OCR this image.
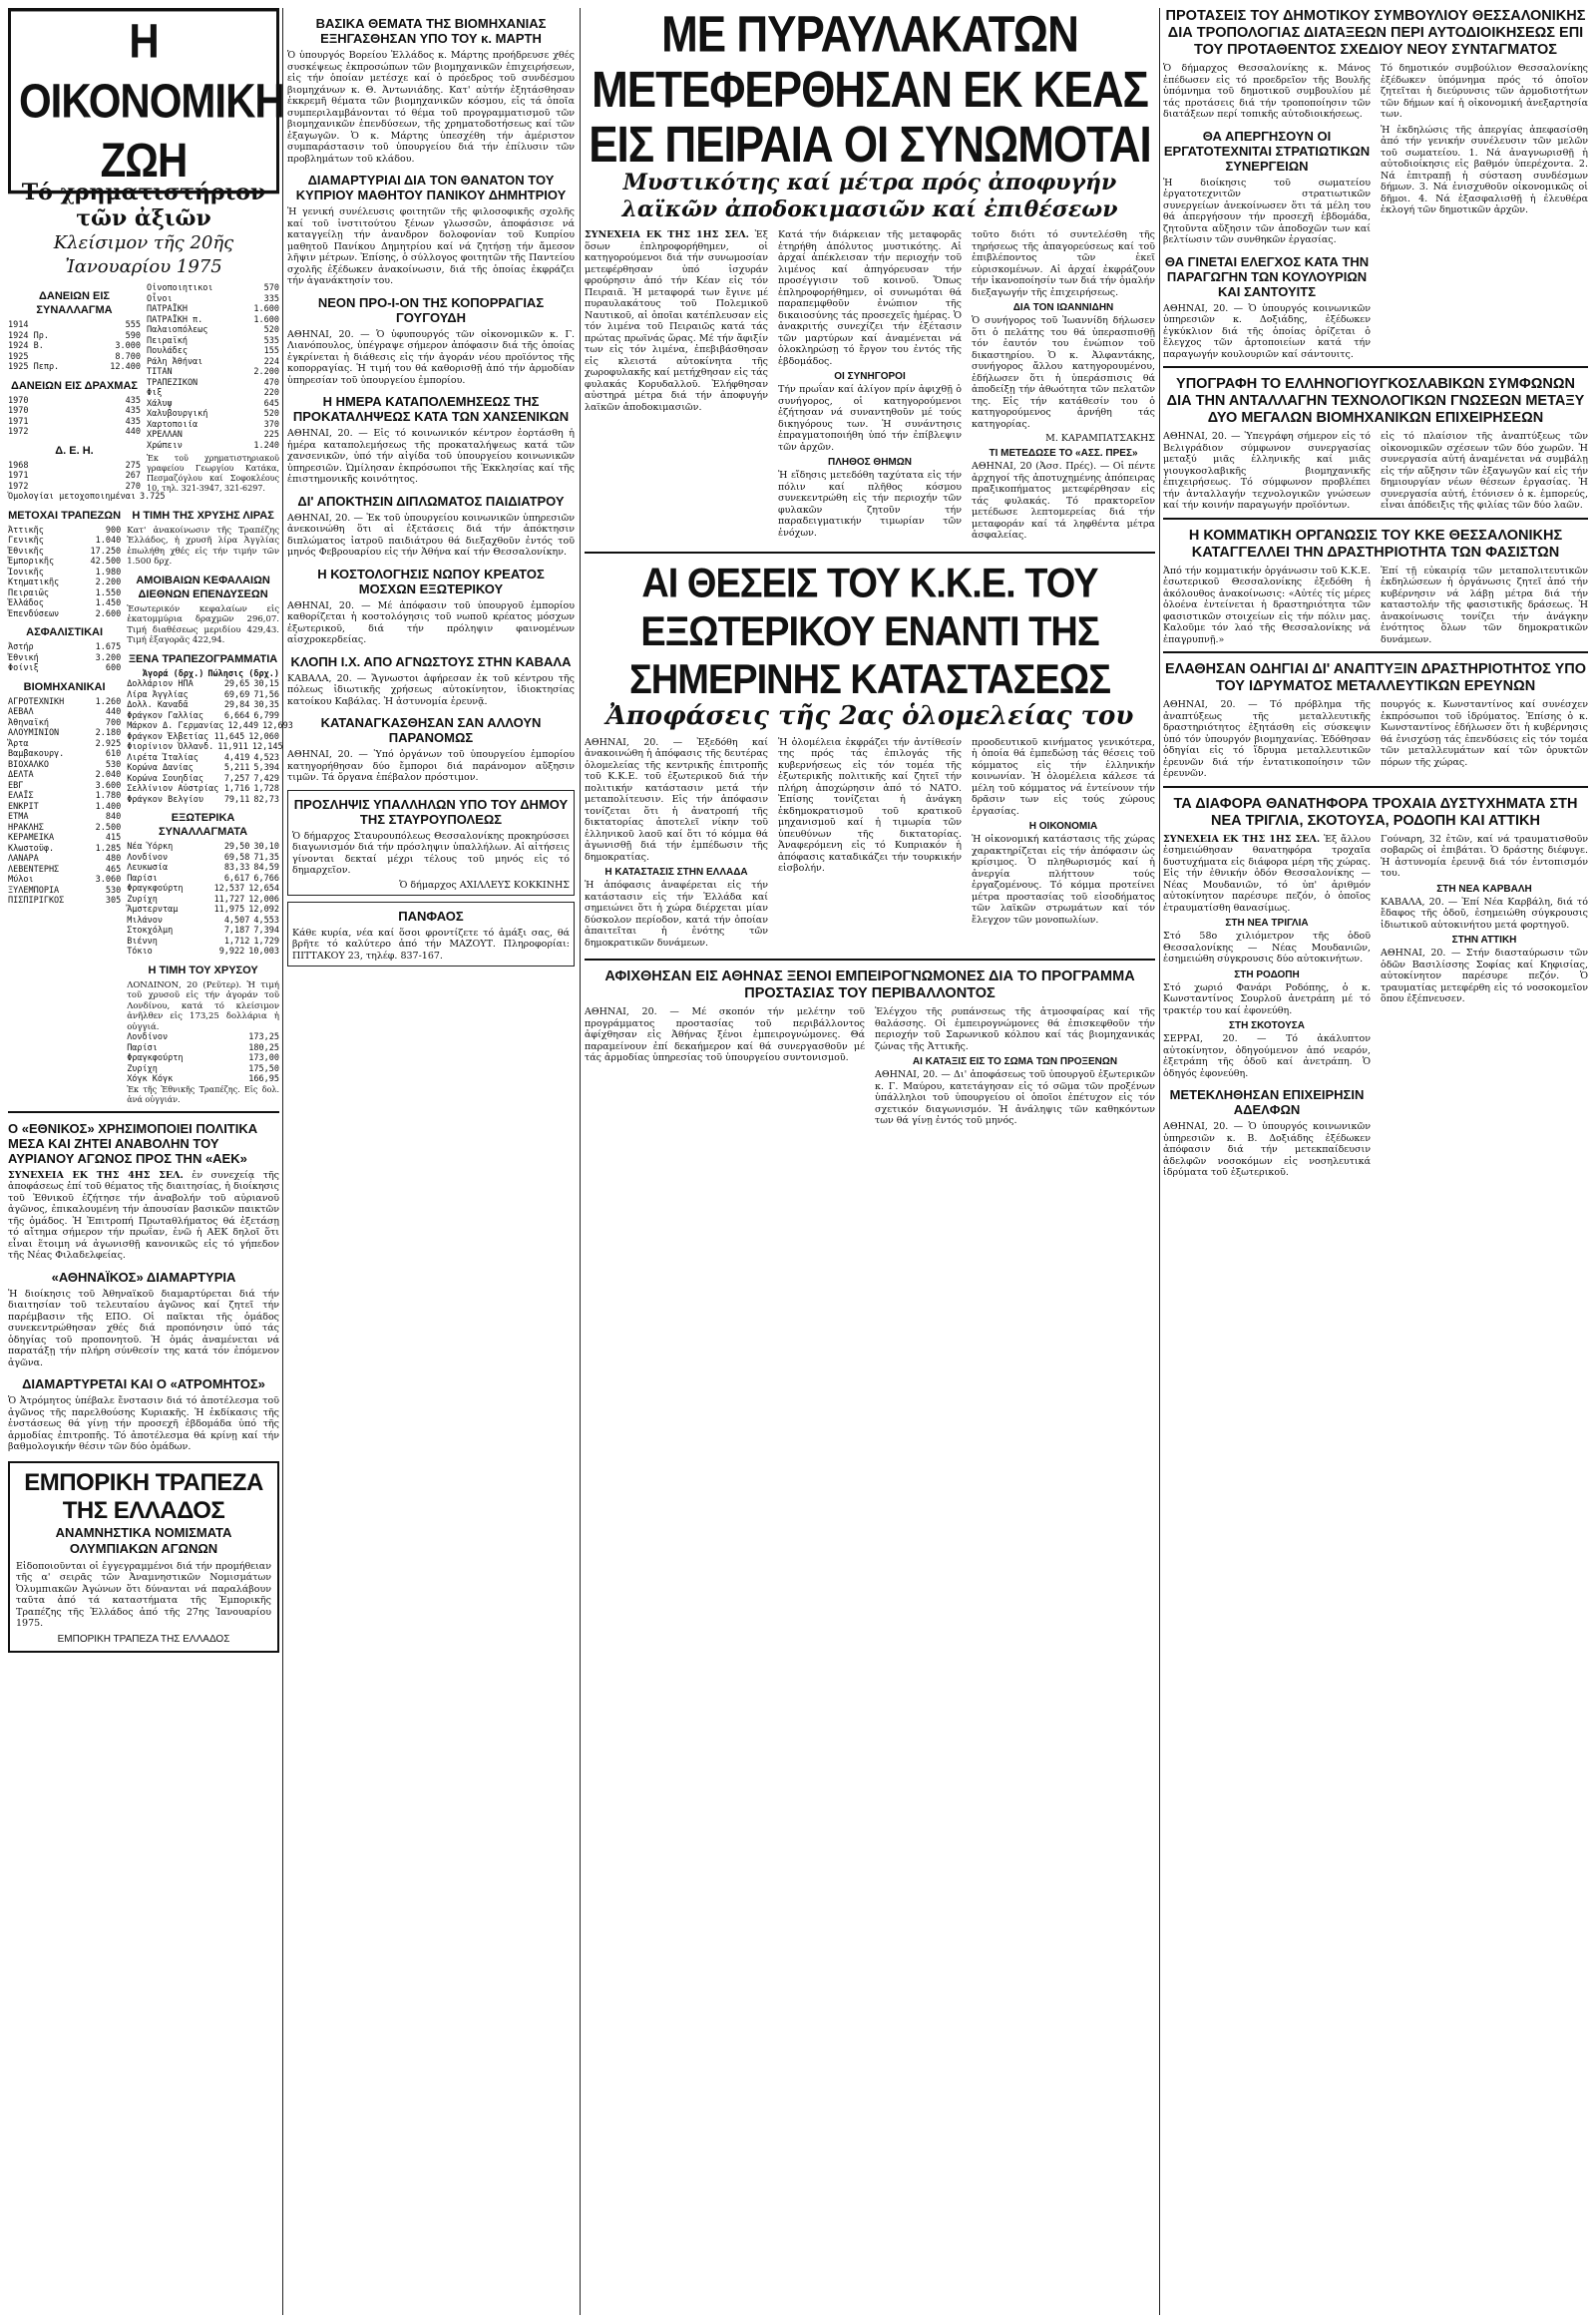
Η ΟΙΚΟΝΟΜΙΚΗ ΖΩΗ
Τό χρηματιστήριον τῶν ἀξιῶν
Κλείσιμον τῆς 20ῆς Ἰανουαρίου 1975
ΔΑΝΕΙΩΝ ΕΙΣ ΣΥΝΑΛΛΑΓΜΑ
1914	555
1924 Πρ.	590
1924 Β.	3.000
1925	8.700
1925 Πεπρ.	12.400
ΔΑΝΕΙΩΝ ΕΙΣ ΔΡΑΧΜΑΣ
1970	435
1970	435
1971	435
1972	440
Δ. Ε. Η.
1968	275
1971	267
1972	270
Ὁμολογίαι μετοχοποιημέναι 3.725
Οἰνοποιητικοι	570
Οἶνοι	335
ΠΑΤΡΑΪΚΗ	1.600
ΠΑΤΡΑΪΚΗ π.	1.600
Παλαιοπόλεως	520
Πειραϊκή	535
Πουλάδες	155
Ράλη Ἀθήναι	224
ΤΙΤΑΝ	2.200
ΤΡΑΠΕΖΙΚΟΝ	470
Φιξ	220
Χάλυψ	645
Χαλυβουργική	520
Χαρτοποιία	370
ΧΡΕΛΛΑΝ	225
Χρώπειν	1.240
Ἐκ τοῦ χρηματιστηριακοῦ γραφείου Γεωργίου Κατάκα, Πεσμαζόγλου καί Σοφοκλέους 10, τηλ. 321-3947, 321-6297.
ΜΕΤΟΧΑΙ ΤΡΑΠΕΖΩΝ
Ἀττικῆς	900
Γενικῆς	1.040
Ἐθνικῆς	17.250
Ἐμπορικῆς	42.500
Ἰονικῆς	1.980
Κτηματικῆς	2.200
Πειραιῶς	1.550
Ἑλλάδος	1.450
Ἐπενδύσεων	2.600
ΑΣΦΑΛΙΣΤΙΚΑΙ
Ἀστήρ	1.675
Ἐθνική	3.200
Φοίνιξ	600
ΒΙΟΜΗΧΑΝΙΚΑΙ
ΑΓΡΟΤΕΧΝΙΚΗ	1.260
ΑΕΒΑΛ	440
Ἀθηναϊκή	700
ΑΛΟΥΜΙΝΙΟΝ	2.180
Ἄρτα	2.925
Βαμβακουργ.	610
ΒΙΟΧΑΛΚΟ	530
ΔΕΛΤΑ	2.040
ΕΒΓ	3.600
ΕΛΑΪΣ	1.780
ΕΝΚΡΙΤ	1.400
ΕΤΜΑ	840
ΗΡΑΚΛΗΣ	2.500
ΚΕΡΑΜΕΙΚΑ	415
Κλωστοϋφ.	1.285
ΛΑΝΑΡΑ	480
ΛΕΒΕΝΤΕΡΗΣ	465
Μύλοι	3.060
ΞΥΛΕΜΠΟΡΙΑ	530
ΠΙΣΠΙΡΙΓΚΟΣ	305
Η ΤΙΜΗ ΤΗΣ ΧΡΥΣΗΣ ΛΙΡΑΣ
Κατ' ἀνακοίνωσιν τῆς Τραπέζης Ἑλλάδος, ἡ χρυσῆ λίρα Ἀγγλίας ἐπωλήθη χθές εἰς τήν τιμήν τῶν 1.500 δρχ.
ΑΜΟΙΒΑΙΩΝ ΚΕΦΑΛΑΙΩΝ ΔΙΕΘΝΩΝ ΕΠΕΝΔΥΣΕΩΝ
Ἐσωτερικόν κεφαλαίων εἰς ἐκατομμύρια δραχμῶν 296,07. Τιμή διαθέσεως μεριδίου 429,43. Τιμή ἐξαγορᾶς 422,94.
ΞΕΝΑ ΤΡΑΠΕΖΟΓΡΑΜΜΑΤΙΑ
Ἀγορά (δρχ.) Πώλησις (δρχ.)
Δολλάριον ΗΠΑ	29,65 30,15
Λίρα Ἀγγλίας	69,69 71,56
Δολλ. Καναδᾶ	29,84 30,35
Φράγκον Γαλλίας	6,664 6,799
Μάρκον Δ. Γερμανίας 12,449 12,693
Φράγκον Ἐλβετίας 11,645 12,060
Φιορίνιον Ὁλλανδ. 11,911 12,145
Λιρέτα Ἰταλίας	4,419 4,523
Κορώνα Δανίας	5,211 5,394
Κορώνα Σουηδίας	7,257 7,429
Σελλίνιον Αὐστρίας 1,716 1,728
Φράγκον Βελγίου	79,11 82,73
ΕΞΩΤΕΡΙΚΑ ΣΥΝΑΛΛΑΓΜΑΤΑ
Νέα Ὑόρκη	29,50 30,10
Λονδίνον	69,58 71,35
Λευκωσία	83,33 84,59
Παρίσι	6,617 6,766
Φραγκφούρτη	12,537 12,654
Ζυρίχη	11,727 12,006
Ἄμστερνταμ	11,975 12,092
Μιλάνον	4,507 4,553
Στοκχόλμη	7,187 7,394
Βιέννη	1,712 1,729
Τόκιο	9,922 10,003
Η ΤΙΜΗ ΤΟΥ ΧΡΥΣΟΥ
ΛΟΝΔΙΝΟΝ, 20 (Ρεῦτερ). Ἡ τιμή τοῦ χρυσοῦ εἰς τήν ἀγοράν τοῦ Λονδίνου, κατά τό κλείσιμον ἀνῆλθεν εἰς 173,25 δολλάρια ἡ οὐγγιά.
Λονδίνον	173,25
Παρίσι	180,25
Φραγκφούρτη	173,00
Ζυρίχη	175,50
Χόγκ Κόγκ	166,95
Ἐκ τῆς Ἐθνικῆς Τραπέζης. Εἰς δολ. ἀνά οὐγγιάν.
Ο «ΕΘΝΙΚΟΣ» ΧΡΗΣΙΜΟΠΟΙΕΙ ΠΟΛΙΤΙΚΑ ΜΕΣΑ ΚΑΙ ΖΗΤΕΙ ΑΝΑΒΟΛΗΝ ΤΟΥ ΑΥΡΙΑΝΟΥ ΑΓΩΝΟΣ ΠΡΟΣ ΤΗΝ «ΑΕΚ»
ΣΥΝΕΧΕΙΑ ΕΚ ΤΗΣ 4ΗΣ ΣΕΛ. ἐν συνεχείᾳ τῆς ἀποφάσεως ἐπί τοῦ θέματος τῆς διαιτησίας, ἡ διοίκησις τοῦ Ἐθνικοῦ ἐζήτησε τήν ἀναβολήν τοῦ αὐριανοῦ ἀγῶνος, ἐπικαλουμένη τήν ἀπουσίαν βασικῶν παικτῶν τῆς ὁμάδος. Ἡ Ἐπιτροπή Πρωταθλήματος θά ἐξετάσῃ τό αἴτημα σήμερον τήν πρωΐαν, ἐνῶ ἡ ΑΕΚ δηλοῖ ὅτι εἶναι ἕτοιμη νά ἀγωνισθῇ κανονικῶς εἰς τό γήπεδον τῆς Νέας Φιλαδελφείας.
«ΑΘΗΝΑΪΚΟΣ» ΔΙΑΜΑΡΤΥΡΙΑ
Ἡ διοίκησις τοῦ Ἀθηναϊκοῦ διαμαρτύρεται διά τήν διαιτησίαν τοῦ τελευταίου ἀγῶνος καί ζητεῖ τήν παρέμβασιν τῆς ΕΠΟ. Οἱ παῖκται τῆς ὁμάδος συνεκεντρώθησαν χθές διά προπόνησιν ὑπό τάς ὁδηγίας τοῦ προπονητοῦ. Ἡ ὁμάς ἀναμένεται νά παρατάξῃ τήν πλήρη σύνθεσίν της κατά τόν ἐπόμενον ἀγῶνα.
ΔΙΑΜΑΡΤΥΡΕΤΑΙ ΚΑΙ Ο «ΑΤΡΟΜΗΤΟΣ»
Ὁ Ἀτρόμητος ὑπέβαλε ἔνστασιν διά τό ἀποτέλεσμα τοῦ ἀγῶνος τῆς παρελθούσης Κυριακῆς. Ἡ ἐκδίκασις τῆς ἐνστάσεως θά γίνῃ τήν προσεχῆ ἑβδομάδα ὑπό τῆς ἁρμοδίας ἐπιτροπῆς. Τό ἀποτέλεσμα θά κρίνῃ καί τήν βαθμολογικήν θέσιν τῶν δύο ὁμάδων.
ΕΜΠΟΡΙΚΗ ΤΡΑΠΕΖΑ ΤΗΣ ΕΛΛΑΔΟΣ
ΑΝΑΜΝΗΣΤΙΚΑ ΝΟΜΙΣΜΑΤΑ ΟΛΥΜΠΙΑΚΩΝ ΑΓΩΝΩΝ
Εἰδοποιοῦνται οἱ ἐγγεγραμμένοι διά τήν προμήθειαν τῆς α' σειρᾶς τῶν Ἀναμνηστικῶν Νομισμάτων Ὀλυμπιακῶν Ἀγώνων ὅτι δύνανται νά παραλάβουν ταῦτα ἀπό τά καταστήματα τῆς Ἐμπορικῆς Τραπέζης τῆς Ἑλλάδος ἀπό τῆς 27ης Ἰανουαρίου 1975.
ΕΜΠΟΡΙΚΗ ΤΡΑΠΕΖΑ ΤΗΣ ΕΛΛΑΔΟΣ
ΒΑΣΙΚΑ ΘΕΜΑΤΑ ΤΗΣ ΒΙΟΜΗΧΑΝΙΑΣ ΕΞΗΓΑΣΘΗΣΑΝ ΥΠΟ ΤΟΥ κ. ΜΑΡΤΗ
Ὁ ὑπουργός Βορείου Ἑλλάδος κ. Μάρτης προήδρευσε χθές συσκέψεως ἐκπροσώπων τῶν βιομηχανικῶν ἐπιχειρήσεων, εἰς τήν ὁποίαν μετέσχε καί ὁ πρόεδρος τοῦ συνδέσμου βιομηχάνων κ. Θ. Ἀντωνιάδης. Κατ' αὐτήν ἐξητάσθησαν ἐκκρεμῆ θέματα τῶν βιομηχανικῶν κόσμου, εἰς τά ὁποῖα συμπεριλαμβάνονται τό θέμα τοῦ προγραμματισμοῦ τῶν βιομηχανικῶν ἐπενδύσεων, τῆς χρηματοδοτήσεως καί τῶν ἐξαγωγῶν. Ὁ κ. Μάρτης ὑπεσχέθη τήν ἀμέριστον συμπαράστασιν τοῦ ὑπουργείου διά τήν ἐπίλυσιν τῶν προβλημάτων τοῦ κλάδου.
ΔΙΑΜΑΡΤΥΡΙΑΙ ΔΙΑ ΤΟΝ ΘΑΝΑΤΟΝ ΤΟΥ ΚΥΠΡΙΟΥ ΜΑΘΗΤΟΥ ΠΑΝΙΚΟΥ ΔΗΜΗΤΡΙΟΥ
Ἡ γενική συνέλευσις φοιτητῶν τῆς φιλοσοφικῆς σχολῆς καί τοῦ ἰνστιτούτου ξένων γλωσσῶν, ἀποφάσισε νά καταγγείλῃ τήν ἀνανδρον δολοφονίαν τοῦ Κυπρίου μαθητοῦ Πανίκου Δημητρίου καί νά ζητήσῃ τήν ἄμεσον λῆψιν μέτρων. Ἐπίσης, ὁ σύλλογος φοιτητῶν τῆς Παντείου σχολῆς ἐξέδωκεν ἀνακοίνωσιν, διά τῆς ὁποίας ἐκφράζει τήν ἀγανάκτησίν του.
ΝΕΟΝ ΠΡΟ-Ι-ΟΝ ΤΗΣ ΚΟΠΟΡΡΑΓΙΑΣ ΓΟΥΓΟΥΔΗ
ΑΘΗΝΑΙ, 20. — Ὁ ὑφυπουργός τῶν οἰκονομικῶν κ. Γ. Λιανόπουλος, ὑπέγραψε σήμερον ἀπόφασιν διά τῆς ὁποίας ἐγκρίνεται ἡ διάθεσις εἰς τήν ἀγοράν νέου προϊόντος τῆς κοπορραγίας. Ἡ τιμή του θά καθορισθῇ ἀπό τήν ἁρμοδίαν ὑπηρεσίαν τοῦ ὑπουργείου ἐμπορίου.
Η ΗΜΕΡΑ ΚΑΤΑΠΟΛΕΜΗΣΕΩΣ ΤΗΣ ΠΡΟΚΑΤΑΛΗΨΕΩΣ ΚΑΤΑ ΤΩΝ ΧΑΝΣΕΝΙΚΩΝ
ΑΘΗΝΑΙ, 20. — Εἰς τό κοινωνικόν κέντρον ἐορτάσθη ἡ ἡμέρα καταπολεμήσεως τῆς προκαταλήψεως κατά τῶν χανσενικῶν, ὑπό τήν αἰγίδα τοῦ ὑπουργείου κοινωνικῶν ὑπηρεσιῶν. Ὡμίλησαν ἐκπρόσωποι τῆς Ἐκκλησίας καί τῆς ἐπιστημονικῆς κοινότητος.
ΔΙ' ΑΠΟΚΤΗΣΙΝ ΔΙΠΛΩΜΑΤΟΣ ΠΑΙΔΙΑΤΡΟΥ
ΑΘΗΝΑΙ, 20. — Ἐκ τοῦ ὑπουργείου κοινωνικῶν ὑπηρεσιῶν ἀνεκοινώθη ὅτι αἱ ἐξετάσεις διά τήν ἀπόκτησιν διπλώματος ἰατροῦ παιδιάτρου θά διεξαχθοῦν ἐντός τοῦ μηνός Φεβρουαρίου εἰς τήν Ἀθήνα καί τήν Θεσσαλονίκην.
Η ΚΟΣΤΟΛΟΓΗΣΙΣ ΝΩΠΟΥ ΚΡΕΑΤΟΣ ΜΟΣΧΩΝ ΕΞΩΤΕΡΙΚΟΥ
ΑΘΗΝΑΙ, 20. — Μέ ἀπόφασιν τοῦ ὑπουργοῦ ἐμπορίου καθορίζεται ἡ κοστολόγησις τοῦ νωποῦ κρέατος μόσχων ἐξωτερικοῦ, διά τήν πρόληψιν φαινομένων αἰσχροκερδείας.
ΚΛΟΠΗ Ι.Χ. ΑΠΟ ΑΓΝΩΣΤΟΥΣ ΣΤΗΝ ΚΑΒΑΛΑ
ΚΑΒΑΛΑ, 20. — Ἄγνωστοι ἀφήρεσαν ἐκ τοῦ κέντρου τῆς πόλεως ἰδιωτικῆς χρήσεως αὐτοκίνητον, ἰδιοκτησίας κατοίκου Καβάλας. Ἡ ἀστυνομία ἐρευνᾷ.
ΚΑΤΑΝΑΓΚΑΣΘΗΣΑΝ ΣΑΝ ΑΛΛΟΥΝ ΠΑΡΑΝΟΜΩΣ
ΑΘΗΝΑΙ, 20. — Ὑπό ὀργάνων τοῦ ὑπουργείου ἐμπορίου κατηγορήθησαν δύο ἔμποροι διά παράνομον αὔξησιν τιμῶν. Τά ὄργανα ἐπέβαλον πρόστιμον.
ΠΡΟΣΛΗΨΙΣ ΥΠΑΛΛΗΛΩΝ ΥΠΟ ΤΟΥ ΔΗΜΟΥ ΤΗΣ ΣΤΑΥΡΟΥΠΟΛΕΩΣ
Ὁ δήμαρχος Σταυρουπόλεως Θεσσαλονίκης προκηρύσσει διαγωνισμόν διά τήν πρόσληψιν ὑπαλλήλων. Αἱ αἰτήσεις γίνονται δεκταί μέχρι τέλους τοῦ μηνός εἰς τό δημαρχεῖον.
Ὁ δήμαρχος ΑΧΙΛΛΕΥΣ ΚΟΚΚΙΝΗΣ
ΠΑΝΦΑΟΣ
Κάθε κυρία, νέα καί ὅσοι φροντίζετε τό ἀμάξι σας, θά βρῆτε τό καλύτερο ἀπό τήν ΜΑΖΟΥΤ. Πληροφορίαι: ΠΙΤΤΑΚΟΥ 23, τηλέφ. 837-167.
ΜΕ ΠΥΡΑΥΛΑΚΑΤΩΝ ΜΕΤΕΦΕΡΘΗΣΑΝ ΕΚ ΚΕΑΣ ΕΙΣ ΠΕΙΡΑΙΑ ΟΙ ΣΥΝΩΜΟΤΑΙ
Μυστικότης καί μέτρα πρός ἀποφυγήν λαϊκῶν ἀποδοκιμασιῶν καί ἐπιθέσεων
ΣΥΝΕΧΕΙΑ ΕΚ ΤΗΣ 1ΗΣ ΣΕΛ. Ἐξ ὅσων ἐπληροφορήθημεν, οἱ κατηγορούμενοι διά τήν συνωμοσίαν μετεφέρθησαν ὑπό ἰσχυράν φρούρησιν ἀπό τήν Κέαν εἰς τόν Πειραιᾶ. Ἡ μεταφορά των ἔγινε μέ πυραυλακάτους τοῦ Πολεμικοῦ Ναυτικοῦ, αἱ ὁποῖαι κατέπλευσαν εἰς τόν λιμένα τοῦ Πειραιῶς κατά τάς πρώτας πρωϊνάς ὥρας. Μέ τήν ἄφιξίν των εἰς τόν λιμένα, ἐπεβιβάσθησαν εἰς κλειστά αὐτοκίνητα τῆς χωροφυλακῆς καί μετήχθησαν εἰς τάς φυλακάς Κορυδαλλοῦ. Ἐλήφθησαν αὐστηρά μέτρα διά τήν ἀποφυγήν λαϊκῶν ἀποδοκιμασιῶν.
Κατά τήν διάρκειαν τῆς μεταφορᾶς ἐτηρήθη ἀπόλυτος μυστικότης. Αἱ ἀρχαί ἀπέκλεισαν τήν περιοχήν τοῦ λιμένος καί ἀπηγόρευσαν τήν προσέγγισιν τοῦ κοινοῦ. Ὅπως ἐπληροφορήθημεν, οἱ συνωμόται θά παραπεμφθοῦν ἐνώπιον τῆς δικαιοσύνης τάς προσεχεῖς ἡμέρας. Ὁ ἀνακριτής συνεχίζει τήν ἐξέτασιν τῶν μαρτύρων καί ἀναμένεται νά ὁλοκληρώσῃ τό ἔργον του ἐντός τῆς ἑβδομάδος.
ΟΙ ΣΥΝΗΓΟΡΟΙ
Τήν πρωΐαν καί ἀλίγον πρίν ἀφιχθῇ ὁ συνήγορος, οἱ κατηγορούμενοι ἐζήτησαν νά συναντηθοῦν μέ τούς δικηγόρους των. Ἡ συνάντησις ἐπραγματοποιήθη ὑπό τήν ἐπίβλεψιν τῶν ἀρχῶν.
ΠΛΗΘΟΣ ΘΗΜΩΝ
Ἡ εἴδησις μετεδόθη ταχύτατα εἰς τήν πόλιν καί πλῆθος κόσμου συνεκεντρώθη εἰς τήν περιοχήν τῶν φυλακῶν ζητοῦν τήν παραδειγματικήν τιμωρίαν τῶν ἐνόχων.
τοῦτο διότι τό συντελέσθη τῆς τηρήσεως τῆς ἀπαγορεύσεως καί τοῦ ἐπιβλέποντος τῶν ἐκεῖ εὑρισκομένων. Αἱ ἀρχαί ἐκφράζουν τήν ἱκανοποίησίν των διά τήν ὁμαλήν διεξαγωγήν τῆς ἐπιχειρήσεως.
ΔΙΑ ΤΟΝ ΙΩΑΝΝΙΔΗΝ
Ὁ συνήγορος τοῦ Ἰωαννίδη δήλωσεν ὅτι ὁ πελάτης του θά ὑπερασπισθῇ τόν ἑαυτόν του ἐνώπιον τοῦ δικαστηρίου. Ὁ κ. Ἀλφαντάκης, συνήγορος ἄλλου κατηγορουμένου, ἐδήλωσεν ὅτι ἡ ὑπεράσπισις θά ἀποδείξῃ τήν ἀθωότητα τῶν πελατῶν της. Εἰς τήν κατάθεσίν του ὁ κατηγορούμενος ἀρνήθη τάς κατηγορίας.
Μ. ΚΑΡΑΜΠΑΤΣΑΚΗΣ
ΤΙ ΜΕΤΕΔΩΣΕ ΤΟ «ΑΣΣ. ΠΡΕΣ»
ΑΘΗΝΑΙ, 20 (Ἀσσ. Πρές). — Οἱ πέντε ἀρχηγοί τῆς ἀποτυχημένης ἀπόπειρας πραξικοπήματος μετεφέρθησαν εἰς τάς φυλακάς. Τό πρακτορεῖον μετέδωσε λεπτομερείας διά τήν μεταφοράν καί τά ληφθέντα μέτρα ἀσφαλείας.
ΑΙ ΘΕΣΕΙΣ ΤΟΥ Κ.Κ.Ε. ΤΟΥ ΕΞΩΤΕΡΙΚΟΥ ΕΝΑΝΤΙ ΤΗΣ ΣΗΜΕΡΙΝΗΣ ΚΑΤΑΣΤΑΣΕΩΣ
Ἀποφάσεις τῆς 2ας ὁλομελείας του
ΑΘΗΝΑΙ, 20. — Ἐξεδόθη καί ἀνακοινώθη ἡ ἀπόφασις τῆς δευτέρας ὁλομελείας τῆς κεντρικῆς ἐπιτροπῆς τοῦ Κ.Κ.Ε. τοῦ ἐξωτερικοῦ διά τήν πολιτικήν κατάστασιν μετά τήν μεταπολίτευσιν. Εἰς τήν ἀπόφασιν τονίζεται ὅτι ἡ ἀνατροπή τῆς δικτατορίας ἀποτελεῖ νίκην τοῦ ἑλληνικοῦ λαοῦ καί ὅτι τό κόμμα θά ἀγωνισθῇ διά τήν ἐμπέδωσιν τῆς δημοκρατίας.
Η ΚΑΤΑΣΤΑΣΙΣ ΣΤΗΝ ΕΛΛΑΔΑ
Ἡ ἀπόφασις ἀναφέρεται εἰς τήν κατάστασιν εἰς τήν Ἑλλάδα καί σημειώνει ὅτι ἡ χώρα διέρχεται μίαν δύσκολον περίοδον, κατά τήν ὁποίαν ἀπαιτεῖται ἡ ἑνότης τῶν δημοκρατικῶν δυνάμεων.
Ἡ ὁλομέλεια ἐκφράζει τήν ἀντίθεσίν της πρός τάς ἐπιλογάς τῆς κυβερνήσεως εἰς τόν τομέα τῆς ἐξωτερικῆς πολιτικῆς καί ζητεῖ τήν πλήρη ἀποχώρησιν ἀπό τό ΝΑΤΟ. Ἐπίσης τονίζεται ἡ ἀνάγκη ἐκδημοκρατισμοῦ τοῦ κρατικοῦ μηχανισμοῦ καί ἡ τιμωρία τῶν ὑπευθύνων τῆς δικτατορίας. Ἀναφερόμενη εἰς τό Κυπριακόν ἡ ἀπόφασις καταδικάζει τήν τουρκικήν εἰσβολήν.
προοδευτικοῦ κινήματος γενικότερα, ἡ ὁποία θά ἐμπεδώσῃ τάς θέσεις τοῦ κόμματος εἰς τήν ἑλληνικήν κοινωνίαν. Ἡ ὁλομέλεια κάλεσε τά μέλη τοῦ κόμματος νά ἐντείνουν τήν δρᾶσιν των εἰς τούς χώρους ἐργασίας.
Η ΟΙΚΟΝΟΜΙΑ
Ἡ οἰκονομική κατάστασις τῆς χώρας χαρακτηρίζεται εἰς τήν ἀπόφασιν ὡς κρίσιμος. Ὁ πληθωρισμός καί ἡ ἀνεργία πλήττουν τούς ἐργαζομένους. Τό κόμμα προτείνει μέτρα προστασίας τοῦ εἰσοδήματος τῶν λαϊκῶν στρωμάτων καί τόν ἔλεγχον τῶν μονοπωλίων.
ΑΦΙΧΘΗΣΑΝ ΕΙΣ ΑΘΗΝΑΣ ΞΕΝΟΙ ΕΜΠΕΙΡΟΓΝΩΜΟΝΕΣ ΔΙΑ ΤΟ ΠΡΟΓΡΑΜΜΑ ΠΡΟΣΤΑΣΙΑΣ ΤΟΥ ΠΕΡΙΒΑΛΛΟΝΤΟΣ
ΑΘΗΝΑΙ, 20. — Μέ σκοπόν τήν μελέτην τοῦ προγράμματος προστασίας τοῦ περιβάλλοντος ἀφίχθησαν εἰς Ἀθήνας ξένοι ἐμπειρογνώμονες. Θά παραμείνουν ἐπί δεκαήμερον καί θά συνεργασθοῦν μέ τάς ἁρμοδίας ὑπηρεσίας τοῦ ὑπουργείου συντονισμοῦ.
Ἐλέγχου τῆς ρυπάνσεως τῆς ἀτμοσφαίρας καί τῆς θαλάσσης. Οἱ ἐμπειρογνώμονες θά ἐπισκεφθοῦν τήν περιοχήν τοῦ Σαρωνικοῦ κόλπου καί τάς βιομηχανικάς ζώνας τῆς Ἀττικῆς.
ΑΙ ΚΑΤΑΞΙΣ ΕΙΣ ΤΟ ΣΩΜΑ ΤΩΝ ΠΡΟΞΕΝΩΝ
ΑΘΗΝΑΙ, 20. — Δι' ἀποφάσεως τοῦ ὑπουργοῦ ἐξωτερικῶν κ. Γ. Μαύρου, κατετάγησαν εἰς τό σῶμα τῶν προξένων ὑπάλληλοι τοῦ ὑπουργείου οἱ ὁποῖοι ἐπέτυχον εἰς τόν σχετικόν διαγωνισμόν. Ἡ ἀνάληψις τῶν καθηκόντων των θά γίνῃ ἐντός τοῦ μηνός.
ΠΡΟΤΑΣΕΙΣ ΤΟΥ ΔΗΜΟΤΙΚΟΥ ΣΥΜΒΟΥΛΙΟΥ ΘΕΣΣΑΛΟΝΙΚΗΣ ΔΙΑ ΤΡΟΠΟΛΟΓΙΑΣ ΔΙΑΤΑΞΕΩΝ ΠΕΡΙ ΑΥΤΟΔΙΟΙΚΗΣΕΩΣ ΕΠΙ ΤΟΥ ΠΡΟΤΑΘΕΝΤΟΣ ΣΧΕΔΙΟΥ ΝΕΟΥ ΣΥΝΤΑΓΜΑΤΟΣ
Ὁ δήμαρχος Θεσσαλονίκης κ. Μάνος ἐπέδωσεν εἰς τό προεδρεῖον τῆς Βουλῆς ὑπόμνημα τοῦ δημοτικοῦ συμβουλίου μέ τάς προτάσεις διά τήν τροποποίησιν τῶν διατάξεων περί τοπικῆς αὐτοδιοικήσεως.
ΘΑ ΑΠΕΡΓΗΣΟΥΝ ΟΙ ΕΡΓΑΤΟΤΕΧΝΙΤΑΙ ΣΤΡΑΤΙΩΤΙΚΩΝ ΣΥΝΕΡΓΕΙΩΝ
Ἡ διοίκησις τοῦ σωματείου ἐργατοτεχνιτῶν στρατιωτικῶν συνεργείων ἀνεκοίνωσεν ὅτι τά μέλη του θά ἀπεργήσουν τήν προσεχῆ ἑβδομάδα, ζητοῦντα αὔξησιν τῶν ἀποδοχῶν των καί βελτίωσιν τῶν συνθηκῶν ἐργασίας.
ΘΑ ΓΙΝΕΤΑΙ ΕΛΕΓΧΟΣ ΚΑΤΑ ΤΗΝ ΠΑΡΑΓΩΓΗΝ ΤΩΝ ΚΟΥΛΟΥΡΙΩΝ ΚΑΙ ΣΑΝΤΟΥΙΤΣ
ΑΘΗΝΑΙ, 20. — Ὁ ὑπουργός κοινωνικῶν ὑπηρεσιῶν κ. Δοξιάδης, ἐξέδωκεν ἐγκύκλιον διά τῆς ὁποίας ὁρίζεται ὁ ἔλεγχος τῶν ἀρτοποιείων κατά τήν παραγωγήν κουλουριῶν καί σάντουιτς.
Τό δημοτικόν συμβούλιον Θεσσαλονίκης ἐξέδωκεν ὑπόμνημα πρός τό ὁποῖον ζητεῖται ἡ διεύρυνσις τῶν ἁρμοδιοτήτων τῶν δήμων καί ἡ οἰκονομική ἀνεξαρτησία των.
Ἡ ἐκδηλώσις τῆς ἀπεργίας ἀπεφασίσθη ἀπό τήν γενικήν συνέλευσιν τῶν μελῶν τοῦ σωματείου. 1. Νά ἀναγνωρισθῇ ἡ αὐτοδιοίκησις εἰς βαθμόν ὑπερέχοντα. 2. Νά ἐπιτραπῇ ἡ σύσταση συνδέσμων δήμων. 3. Νά ἐνισχυθοῦν οἰκονομικῶς οἱ δῆμοι. 4. Νά ἐξασφαλισθῇ ἡ ἐλευθέρα ἐκλογή τῶν δημοτικῶν ἀρχῶν.
ΥΠΟΓΡΑΦΗ ΤΟ ΕΛΛΗΝΟΓΙΟΥΓΚΟΣΛΑΒΙΚΩΝ ΣΥΜΦΩΝΩΝ ΔΙΑ ΤΗΝ ΑΝΤΑΛΛΑΓΗΝ ΤΕΧΝΟΛΟΓΙΚΩΝ ΓΝΩΣΕΩΝ ΜΕΤΑΞΥ ΔΥΟ ΜΕΓΑΛΩΝ ΒΙΟΜΗΧΑΝΙΚΩΝ ΕΠΙΧΕΙΡΗΣΕΩΝ
ΑΘΗΝΑΙ, 20. — Ὑπεγράφη σήμερον εἰς τό Βελιγράδιον σύμφωνον συνεργασίας μεταξύ μιᾶς ἑλληνικῆς καί μιᾶς γιουγκοσλαβικῆς βιομηχανικῆς ἐπιχειρήσεως. Τό σύμφωνον προβλέπει τήν ἀνταλλαγήν τεχνολογικῶν γνώσεων καί τήν κοινήν παραγωγήν προϊόντων.
εἰς τό πλαίσιον τῆς ἀναπτύξεως τῶν οἰκονομικῶν σχέσεων τῶν δύο χωρῶν. Ἡ συνεργασία αὐτή ἀναμένεται νά συμβάλῃ εἰς τήν αὔξησιν τῶν ἐξαγωγῶν καί εἰς τήν δημιουργίαν νέων θέσεων ἐργασίας. Ἡ συνεργασία αὐτή, ἐτόνισεν ὁ κ. ἐμπορεύς, εἶναι ἀπόδειξις τῆς φιλίας τῶν δύο λαῶν.
Η ΚΟΜΜΑΤΙΚΗ ΟΡΓΑΝΩΣΙΣ ΤΟΥ ΚΚΕ ΘΕΣΣΑΛΟΝΙΚΗΣ ΚΑΤΑΓΓΕΛΛΕΙ ΤΗΝ ΔΡΑΣΤΗΡΙΟΤΗΤΑ ΤΩΝ ΦΑΣΙΣΤΩΝ
Ἀπό τήν κομματικήν ὀργάνωσιν τοῦ Κ.Κ.Ε. ἐσωτερικοῦ Θεσσαλονίκης ἐξεδόθη ἡ ἀκόλουθος ἀνακοίνωσις: «Αὐτές τίς μέρες ὁλοένα ἐντείνεται ἡ δραστηριότητα τῶν φασιστικῶν στοιχείων εἰς τήν πόλιν μας. Καλοῦμε τόν λαό τῆς Θεσσαλονίκης νά ἐπαγρυπνῇ.»
Ἐπί τῇ εὐκαιρίᾳ τῶν μεταπολιτευτικῶν ἐκδηλώσεων ἡ ὀργάνωσις ζητεῖ ἀπό τήν κυβέρνησιν νά λάβῃ μέτρα διά τήν καταστολήν τῆς φασιστικῆς δράσεως. Ἡ ἀνακοίνωσις τονίζει τήν ἀνάγκην ἑνότητος ὅλων τῶν δημοκρατικῶν δυνάμεων.
ΕΛΑΘΗΣΑΝ ΟΔΗΓΙΑΙ ΔΙ' ΑΝΑΠΤΥΞΙΝ ΔΡΑΣΤΗΡΙΟΤΗΤΟΣ ΥΠΟ ΤΟΥ ΙΔΡΥΜΑΤΟΣ ΜΕΤΑΛΛΕΥΤΙΚΩΝ ΕΡΕΥΝΩΝ
ΑΘΗΝΑΙ, 20. — Τό πρόβλημα τῆς ἀναπτύξεως τῆς μεταλλευτικῆς δραστηριότητος ἐξητάσθη εἰς σύσκεψιν ὑπό τόν ὑπουργόν βιομηχανίας. Ἐδόθησαν ὁδηγίαι εἰς τό ἵδρυμα μεταλλευτικῶν ἐρευνῶν διά τήν ἐντατικοποίησιν τῶν ἐρευνῶν.
πουργός κ. Κωνσταντίνος καί συνέσχεν ἐκπρόσωποι τοῦ ἱδρύματος. Ἐπίσης ὁ κ. Κωνσταντίνος ἐδήλωσεν ὅτι ἡ κυβέρνησις θά ἐνισχύσῃ τάς ἐπενδύσεις εἰς τόν τομέα τῶν μεταλλευμάτων καί τῶν ὀρυκτῶν πόρων τῆς χώρας.
ΤΑ ΔΙΑΦΟΡΑ ΘΑΝΑΤΗΦΟΡΑ ΤΡΟΧΑΙΑ ΔΥΣΤΥΧΗΜΑΤΑ ΣΤΗ ΝΕΑ ΤΡΙΓΛΙΑ, ΣΚΟΤΟΥΣΑ, ΡΟΔΟΠΗ ΚΑΙ ΑΤΤΙΚΗ
ΣΥΝΕΧΕΙΑ ΕΚ ΤΗΣ 1ΗΣ ΣΕΛ. Ἐξ ἄλλου ἐσημειώθησαν θανατηφόρα τροχαῖα δυστυχήματα εἰς διάφορα μέρη τῆς χώρας. Εἰς τήν ἐθνικήν ὁδόν Θεσσαλονίκης — Νέας Μουδανιῶν, τό ὑπ' ἀριθμόν αὐτοκίνητον παρέσυρε πεζόν, ὁ ὁποῖος ἐτραυματίσθη θανασίμως.
ΣΤΗ ΝΕΑ ΤΡΙΓΛΙΑ
Στό 58ο χιλιόμετρον τῆς ὁδοῦ Θεσσαλονίκης — Νέας Μουδανιῶν, ἐσημειώθη σύγκρουσις δύο αὐτοκινήτων.
ΣΤΗ ΡΟΔΟΠΗ
Στό χωριό Φανάρι Ροδόπης, ὁ κ. Κωνσταντίνος Σουρλοῦ ἀνετράπη μέ τό τρακτέρ του καί ἐφονεύθη.
ΣΤΗ ΣΚΟΤΟΥΣΑ
ΣΕΡΡΑΙ, 20. — Τό ἀκάλυπτον αὐτοκίνητον, ὁδηγούμενον ἀπό νεαρόν, ἐξετράπη τῆς ὁδοῦ καί ἀνετράπη. Ὁ ὁδηγός ἐφονεύθη.
ΜΕΤΕΚΛΗΘΗΣΑΝ ΕΠΙΧΕΙΡΗΣΙΝ ΑΔΕΛΦΩΝ
ΑΘΗΝΑΙ, 20. — Ὁ ὑπουργός κοινωνικῶν ὑπηρεσιῶν κ. Β. Δοξιάδης ἐξέδωκεν ἀπόφασιν διά τήν μετεκπαίδευσιν ἀδελφῶν νοσοκόμων εἰς νοσηλευτικά ἱδρύματα τοῦ ἐξωτερικοῦ.
Γούναρη, 32 ἐτῶν, καί νά τραυματισθοῦν σοβαρῶς οἱ ἐπιβάται. Ὁ δράστης διέφυγε. Ἡ ἀστυνομία ἐρευνᾷ διά τόν ἐντοπισμόν του.
ΣΤΗ ΝΕΑ ΚΑΡΒΑΛΗ
ΚΑΒΑΛΑ, 20. — Ἐπί Νέα Καρβάλη, διά τό ἔδαφος τῆς ὁδοῦ, ἐσημειώθη σύγκρουσις ἰδιωτικοῦ αὐτοκινήτου μετά φορτηγοῦ.
ΣΤΗΝ ΑΤΤΙΚΗ
ΑΘΗΝΑΙ, 20. — Στήν διασταύρωσιν τῶν ὁδῶν Βασιλίσσης Σοφίας καί Κηφισίας, αὐτοκίνητον παρέσυρε πεζόν. Ὁ τραυματίας μετεφέρθη εἰς τό νοσοκομεῖον ὅπου ἐξέπνευσεν.
